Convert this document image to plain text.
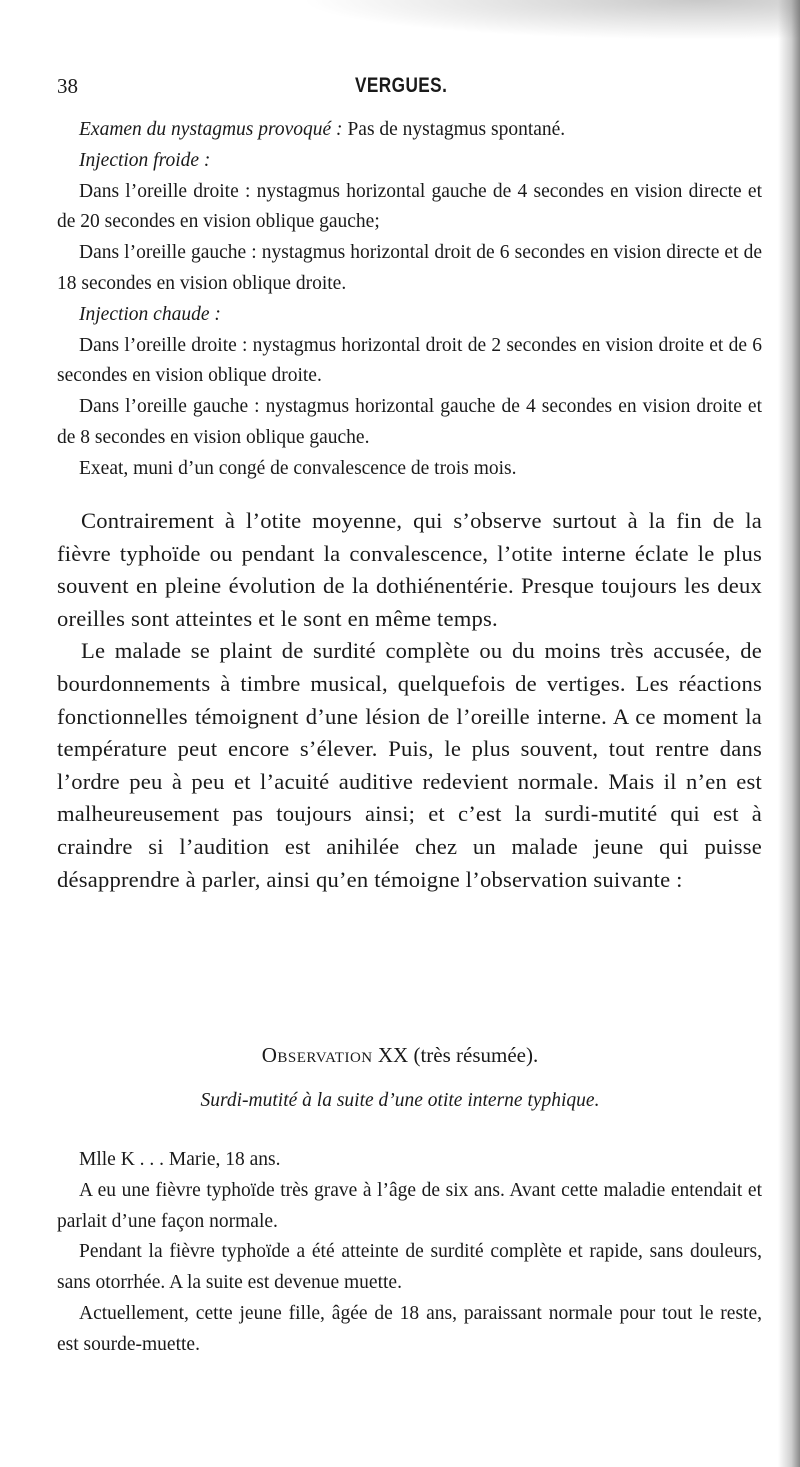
38	VERGUES.

Examen du nystagmus provoqué : Pas de nystagmus spontané.

Injection froide :

Dans l’oreille droite : nystagmus horizontal gauche de 4 secondes en vision directe et de 20 secondes en vision oblique gauche;

Dans l’oreille gauche : nystagmus horizontal droit de 6 secondes en vision directe et de 18 secondes en vision oblique droite.

Injection chaude :

Dans l’oreille droite : nystagmus horizontal droit de 2 secondes en vision droite et de 6 secondes en vision oblique droite.

Dans l’oreille gauche : nystagmus horizontal gauche de 4 secondes en vision droite et de 8 secondes en vision oblique gauche.

Exeat, muni d’un congé de convalescence de trois mois.

Contrairement à l’otite moyenne, qui s’observe surtout à la fin de la fièvre typhoïde ou pendant la convalescence, l’otite interne éclate le plus souvent en pleine évolution de la dothiénentérie. Presque toujours les deux oreilles sont atteintes et le sont en même temps.

Le malade se plaint de surdité complète ou du moins très accusée, de bourdonnements à timbre musical, quelquefois de vertiges. Les réactions fonctionnelles témoignent d’une lésion de l’oreille interne. A ce moment la température peut encore s’élever. Puis, le plus souvent, tout rentre dans l’ordre peu à peu et l’acuité auditive redevient normale. Mais il n’en est malheureusement pas toujours ainsi; et c’est la surdi-mutité qui est à craindre si l’audition est anihilée chez un malade jeune qui puisse désapprendre à parler, ainsi qu’en témoigne l’observation suivante :

Observation XX (très résumée).
Surdi-mutité à la suite d’une otite interne typhique.

Mlle K . . . Marie, 18 ans.

A eu une fièvre typhoïde très grave à l’âge de six ans. Avant cette maladie entendait et parlait d’une façon normale.

Pendant la fièvre typhoïde a été atteinte de surdité complète et rapide, sans douleurs, sans otorrhée. A la suite est devenue muette.

Actuellement, cette jeune fille, âgée de 18 ans, paraissant normale pour tout le reste, est sourde-muette.
